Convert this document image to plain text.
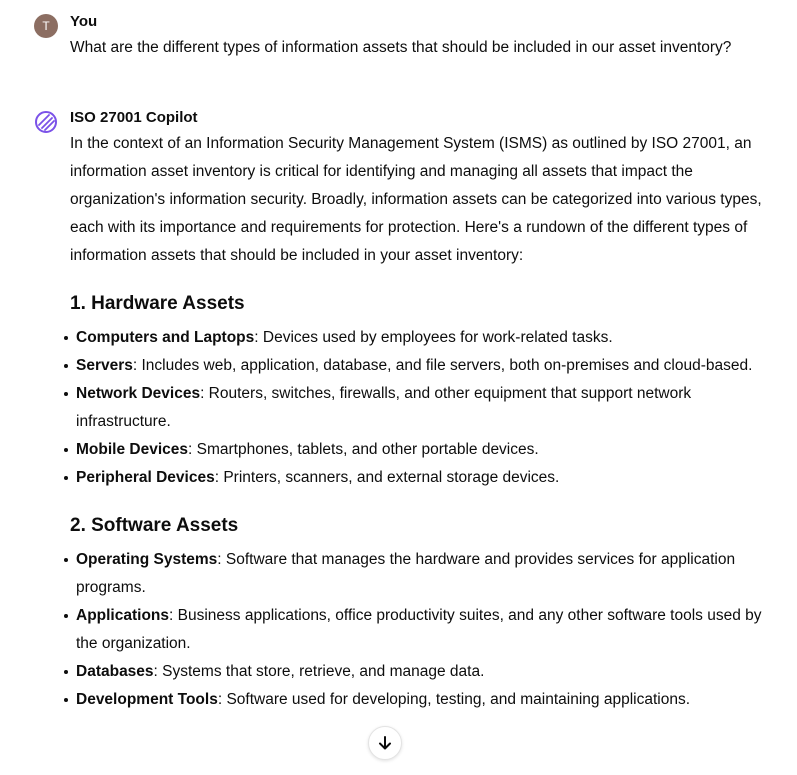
T You
What are the different types of information assets that should be included in our asset inventory?
ISO 27001 Copilot

In the context of an Information Security Management System (ISMS) as outlined by ISO 27001, an information asset inventory is critical for identifying and managing all assets that impact the organization's information security. Broadly, information assets can be categorized into various types, each with its importance and requirements for protection. Here's a rundown of the different types of information assets that should be included in your asset inventory:

1. Hardware Assets
Computers and Laptops: Devices used by employees for work-related tasks.
Servers: Includes web, application, database, and file servers, both on-premises and cloud-based.
Network Devices: Routers, switches, firewalls, and other equipment that support network infrastructure.
Mobile Devices: Smartphones, tablets, and other portable devices.
Peripheral Devices: Printers, scanners, and external storage devices.
2. Software Assets
Operating Systems: Software that manages the hardware and provides services for application programs.
Applications: Business applications, office productivity suites, and any other software tools used by the organization.
Databases: Systems that store, retrieve, and manage data.
Development Tools: Software used for developing, testing, and maintaining applications.
